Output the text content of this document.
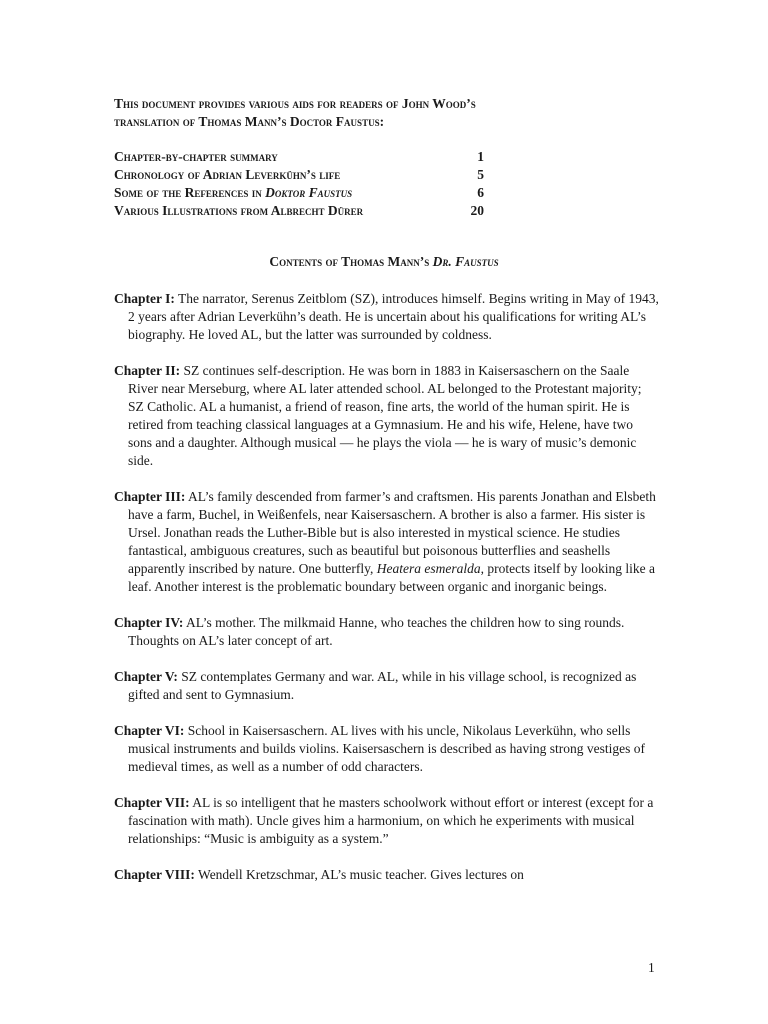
This document provides various aids for readers of John Wood’s
translation of Thomas Mann’s Doctor Faustus:
Chapter-by-chapter summary	1
Chronology of Adrian Leverkühn’s life	5
Some of the References in Doktor Faustus	6
Various Illustrations from Albrecht Dürer	20
Contents of Thomas Mann’s Dr. Faustus

Chapter I: The narrator, Serenus Zeitblom (SZ), introduces himself. Begins writing in May of 1943, 2 years after Adrian Leverkühn’s death. He is uncertain about his qualifications for writing AL’s biography. He loved AL, but the latter was surrounded by coldness.

Chapter II: SZ continues self-description. He was born in 1883 in Kaisersaschern on the Saale River near Merseburg, where AL later attended school. AL belonged to the Protestant majority; SZ Catholic. AL a humanist, a friend of reason, fine arts, the world of the human spirit. He is retired from teaching classical languages at a Gymnasium. He and his wife, Helene, have two sons and a daughter. Although musical — he plays the viola — he is wary of music’s demonic side.

Chapter III: AL’s family descended from farmer’s and craftsmen. His parents Jonathan and Elsbeth have a farm, Buchel, in Weißenfels, near Kaisersaschern. A brother is also a farmer. His sister is Ursel. Jonathan reads the Luther-Bible but is also interested in mystical science. He studies fantastical, ambiguous creatures, such as beautiful but poisonous butterflies and seashells apparently inscribed by nature. One butterfly, Heatera esmeralda, protects itself by looking like a leaf. Another interest is the problematic boundary between organic and inorganic beings.

Chapter IV: AL’s mother. The milkmaid Hanne, who teaches the children how to sing rounds. Thoughts on AL’s later concept of art.

Chapter V: SZ contemplates Germany and war. AL, while in his village school, is recognized as gifted and sent to Gymnasium.

Chapter VI: School in Kaisersaschern. AL lives with his uncle, Nikolaus Leverkühn, who sells musical instruments and builds violins. Kaisersaschern is described as having strong vestiges of medieval times, as well as a number of odd characters.

Chapter VII: AL is so intelligent that he masters schoolwork without effort or interest (except for a fascination with math). Uncle gives him a harmonium, on which he experiments with musical relationships: “Music is ambiguity as a system.”

Chapter VIII: Wendell Kretzschmar, AL’s music teacher. Gives lectures on

1
